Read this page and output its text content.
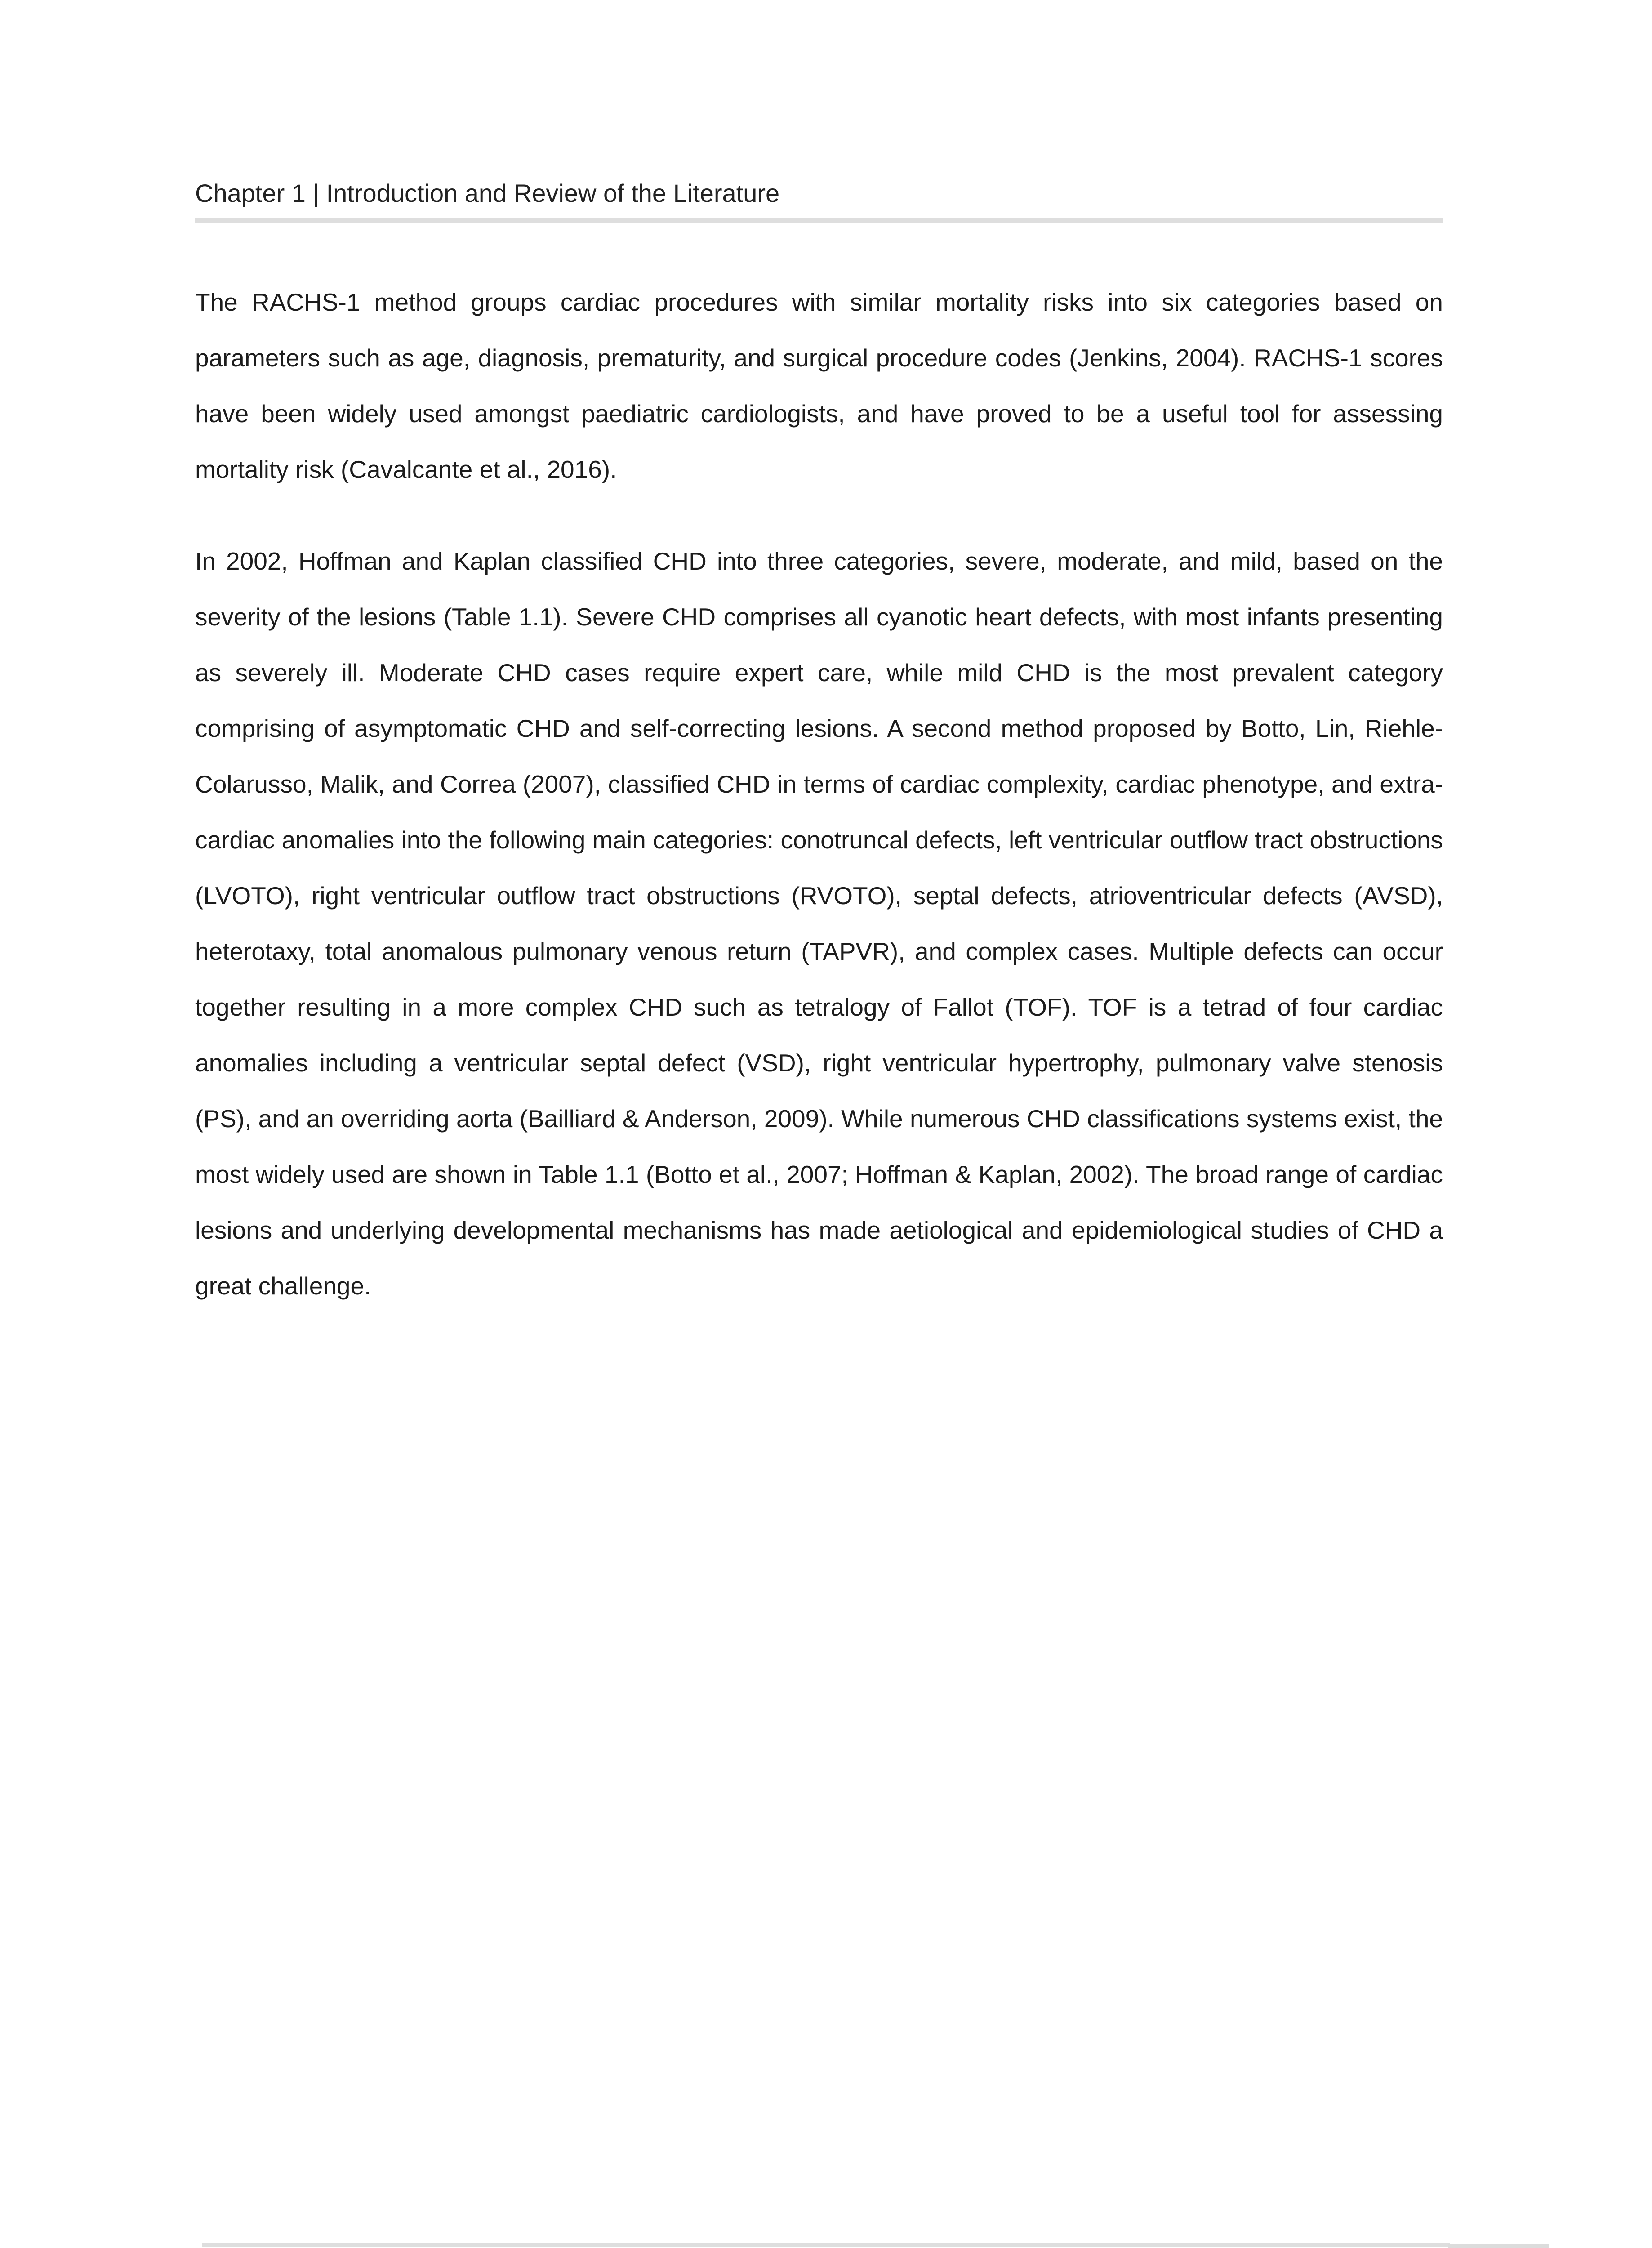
Chapter 1 | Introduction and Review of the Literature

The RACHS-1 method groups cardiac procedures with similar mortality risks into six categories based on parameters such as age, diagnosis, prematurity, and surgical procedure codes (Jenkins, 2004). RACHS-1 scores have been widely used amongst paediatric cardiologists, and have proved to be a useful tool for assessing mortality risk (Cavalcante et al., 2016).

In 2002, Hoffman and Kaplan classified CHD into three categories, severe, moderate, and mild, based on the severity of the lesions (Table 1.1). Severe CHD comprises all cyanotic heart defects, with most infants presenting as severely ill. Moderate CHD cases require expert care, while mild CHD is the most prevalent category comprising of asymptomatic CHD and self-correcting lesions. A second method proposed by Botto, Lin, Riehle-Colarusso, Malik, and Correa (2007), classified CHD in terms of cardiac complexity, cardiac phenotype, and extra-cardiac anomalies into the following main categories: conotruncal defects, left ventricular outflow tract obstructions (LVOTO), right ventricular outflow tract obstructions (RVOTO), septal defects, atrioventricular defects (AVSD), heterotaxy, total anomalous pulmonary venous return (TAPVR), and complex cases. Multiple defects can occur together resulting in a more complex CHD such as tetralogy of Fallot (TOF). TOF is a tetrad of four cardiac anomalies including a ventricular septal defect (VSD), right ventricular hypertrophy, pulmonary valve stenosis (PS), and an overriding aorta (Bailliard & Anderson, 2009). While numerous CHD classifications systems exist, the most widely used are shown in Table 1.1 (Botto et al., 2007; Hoffman & Kaplan, 2002). The broad range of cardiac lesions and underlying developmental mechanisms has made aetiological and epidemiological studies of CHD a great challenge.
